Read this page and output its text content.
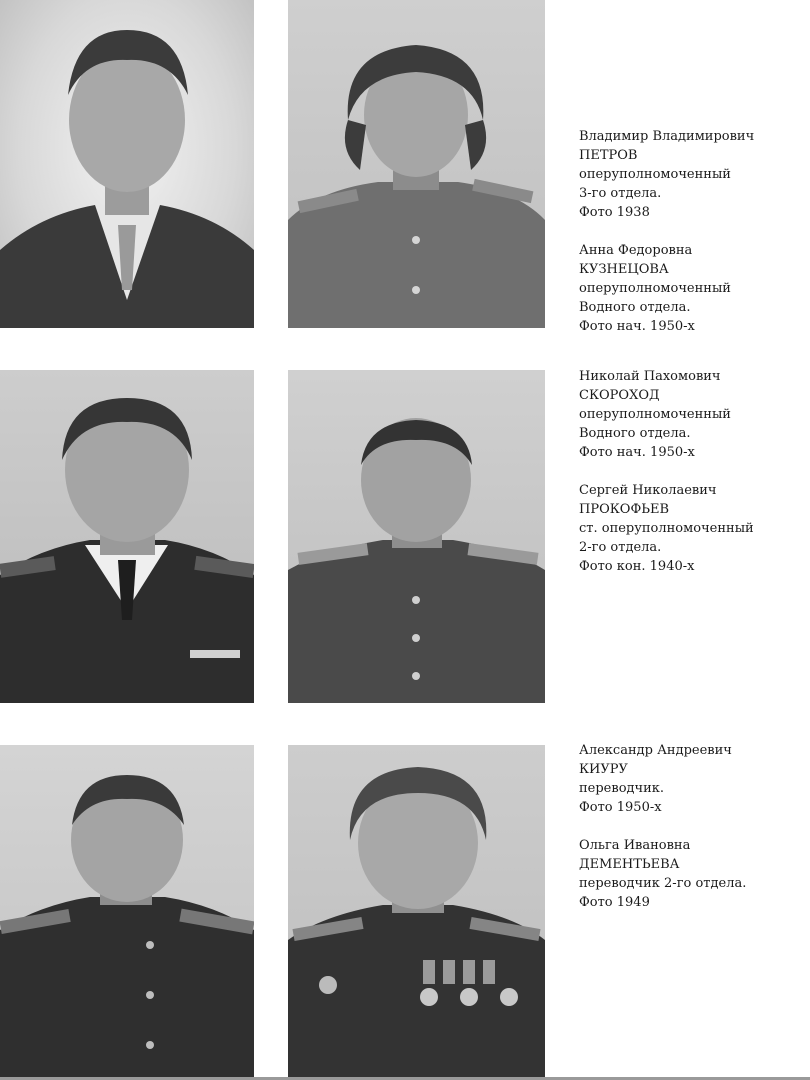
Владимир Владимирович
ПЕТРОВ
оперуполномоченный
3-го отдела.
Фото 1938
Анна Федоровна
КУЗНЕЦОВА
оперуполномоченный
Водного отдела.
Фото нач. 1950-х
Николай Пахомович
СКОРОХОД
оперуполномоченный
Водного отдела.
Фото нач. 1950-х
Сергей Николаевич
ПРОКОФЬЕВ
ст. оперуполномоченный
2-го отдела.
Фото кон. 1940-х
Александр Андреевич
КИУРУ
переводчик.
Фото 1950-х
Ольга Ивановна
ДЕМЕНТЬЕВА
переводчик 2-го отдела.
Фото 1949
